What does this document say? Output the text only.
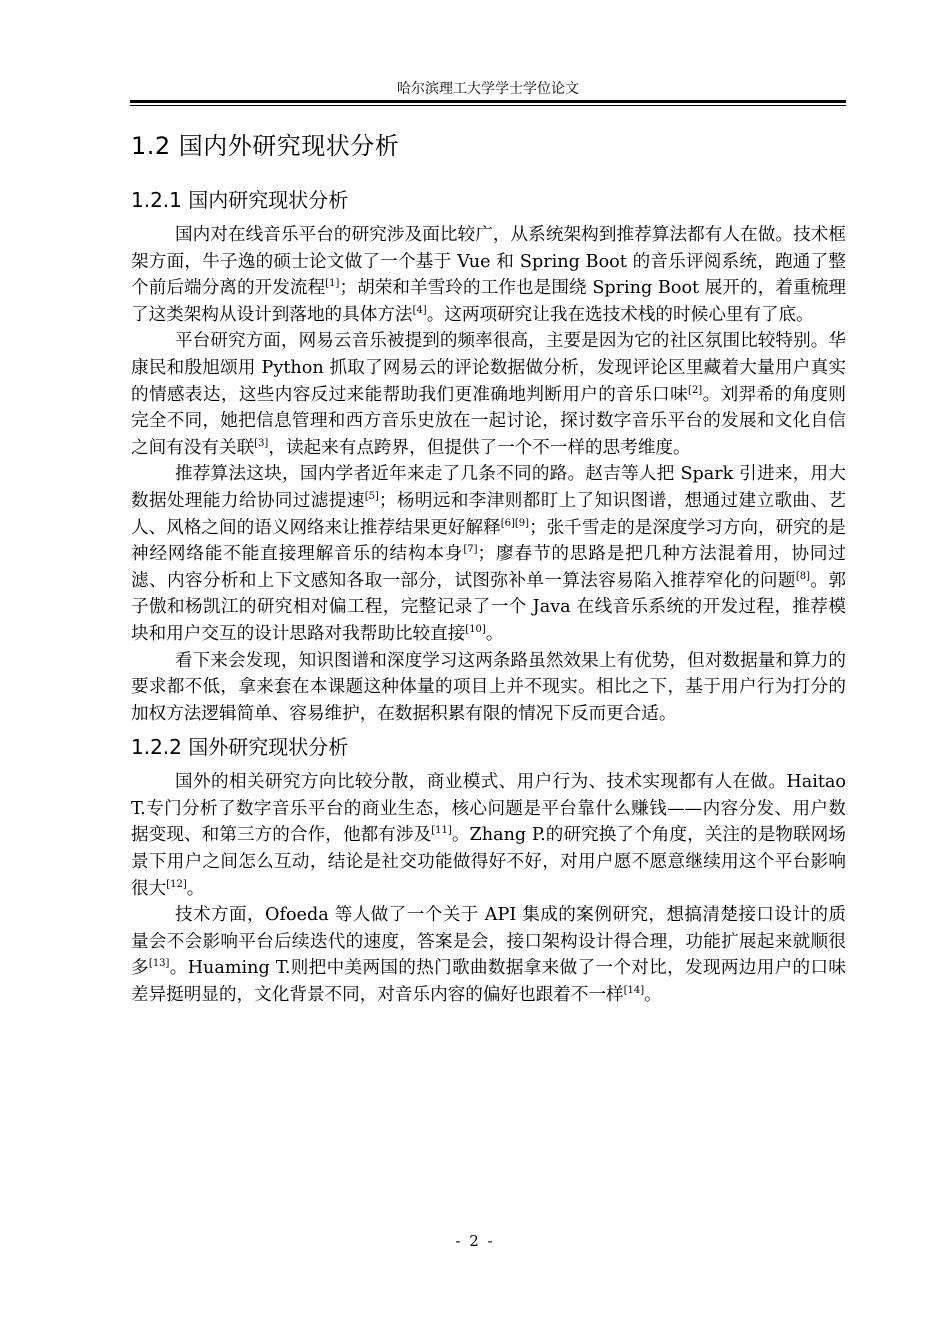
哈尔滨理工大学学士学位论文
1.2 国内外研究现状分析
1.2.1 国内研究现状分析

国内对在线音乐平台的研究涉及面比较广，从系统架构到推荐算法都有人在做。技术框架方面，牛子逸的硕士论文做了一个基于 Vue 和 Spring Boot 的音乐评阅系统，跑通了整个前后端分离的开发流程[1]；胡荣和羊雪玲的工作也是围绕 Spring Boot 展开的，着重梳理了这类架构从设计到落地的具体方法[4]。这两项研究让我在选技术栈的时候心里有了底。

平台研究方面，网易云音乐被提到的频率很高，主要是因为它的社区氛围比较特别。华康民和殷旭颂用 Python 抓取了网易云的评论数据做分析，发现评论区里藏着大量用户真实的情感表达，这些内容反过来能帮助我们更准确地判断用户的音乐口味[2]。刘羿希的角度则完全不同，她把信息管理和西方音乐史放在一起讨论，探讨数字音乐平台的发展和文化自信之间有没有关联[3]，读起来有点跨界，但提供了一个不一样的思考维度。

推荐算法这块，国内学者近年来走了几条不同的路。赵吉等人把 Spark 引进来，用大数据处理能力给协同过滤提速[5]；杨明远和李津则都盯上了知识图谱，想通过建立歌曲、艺人、风格之间的语义网络来让推荐结果更好解释[6][9]；张千雪走的是深度学习方向，研究的是神经网络能不能直接理解音乐的结构本身[7]；廖春节的思路是把几种方法混着用，协同过滤、内容分析和上下文感知各取一部分，试图弥补单一算法容易陷入推荐窄化的问题[8]。郭子傲和杨凯江的研究相对偏工程，完整记录了一个 Java 在线音乐系统的开发过程，推荐模块和用户交互的设计思路对我帮助比较直接[10]。

看下来会发现，知识图谱和深度学习这两条路虽然效果上有优势，但对数据量和算力的要求都不低，拿来套在本课题这种体量的项目上并不现实。相比之下，基于用户行为打分的加权方法逻辑简单、容易维护，在数据积累有限的情况下反而更合适。

1.2.2 国外研究现状分析

国外的相关研究方向比较分散，商业模式、用户行为、技术实现都有人在做。Haitao T.专门分析了数字音乐平台的商业生态，核心问题是平台靠什么赚钱——内容分发、用户数据变现、和第三方的合作，他都有涉及[11]。Zhang P.的研究换了个角度，关注的是物联网场景下用户之间怎么互动，结论是社交功能做得好不好，对用户愿不愿意继续用这个平台影响很大[12]。

技术方面，Ofoeda 等人做了一个关于 API 集成的案例研究，想搞清楚接口设计的质量会不会影响平台后续迭代的速度，答案是会，接口架构设计得合理，功能扩展起来就顺很多[13]。Huaming T.则把中美两国的热门歌曲数据拿来做了一个对比，发现两边用户的口味差异挺明显的，文化背景不同，对音乐内容的偏好也跟着不一样[14]。

- 2 -
